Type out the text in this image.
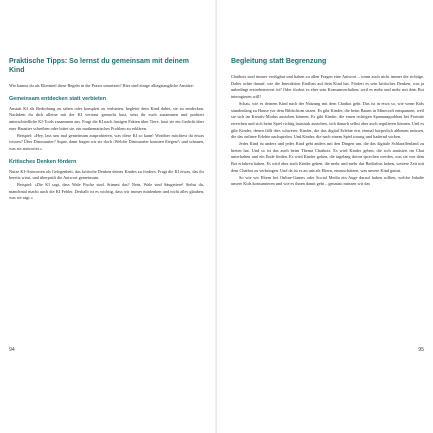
Praktische Tipps: So lernst du gemeinsam mit deinem Kind

Wie kannst du als Elternteil diese Regeln in die Praxis umsetzen? Hier sind einige alltagstaugliche Ansätze:

Gemeinsam entdecken statt verbieten

Anstatt KI als Bedrohung zu sehen oder komplett zu verbieten, begleite dein Kind dabei, sie zu entdecken. Nachdem du dich alleine mit der KI vertraut gemacht hast, setzt ihr euch zusammen und probiert unterschiedliche KI-Tools zusammen aus. Fragt die KI nach lustigen Fakten über Tiere, lasst sie ein Gedicht über euer Haustier schreiben oder bittet sie, ein mathematisches Problem zu erklären.

Beispiel: »Hey, lass uns mal gemeinsam ausprobieren, was diese KI so kann! Worüber möchtest du etwas wissen? Über Dinosaurier? Super, dann fragen wir sie doch ›Welche Dinosaurier konnten fliegen?‹ und schauen, was sie antwortet.«

Kritisches Denken fördern

Nutze KI-Antworten als Gelegenheit, das kritische Denken deines Kindes zu fördern. Fragt die KI etwas, das ihr bereits wisst, und überprüft die Antwort gemeinsam.

Beispiel: »Die KI sagt, dass Wale Fische sind. Stimmt das? Nein, Wale sind Säugetiere! Siehst du, manchmal macht auch die KI Fehler. Deshalb ist es wichtig, dass wir immer mitdenken und nicht alles glauben, was sie sagt.«

94
Begleitung statt Begrenzung

Chatbots sind immer verfügbar und haben zu allen Fragen eine Antwort – wenn auch nicht immer die richtige. Daher achte darauf, wie die Interaktion Einfluss auf dein Kind hat. Fördert es sein kritisches Denken, was ja unbedingt erstrebenswert ist? Oder fördert es eher sein Konsumverhalten, weil es mehr und mehr mit dem Bot interagieren will?

Schau, wie es deinem Kind nach der Nutzung mit dem Chatbot geht. Das ist in etwa so, wie wenn Kids stundenlang zu Hause vor dem Bildschirm sitzen. Es gibt Kinder, die beim Bauen in Minecraft entspannen, weil sie sich im Kreativ-Modus austoben können. Es gibt Kinder, die einen richtigen Spannungsabbau bei Fortnite erreichen und sich beim Spiel richtig lautstark austoben, sich danach selbst aber auch regulieren können. Und es gibt Kinder, denen fällt dies schwerer. Kinder, die das digital Erlebte erst einmal körperlich abbauen müssen, die das onlinee Erlebte nachspielen. Und Kinder, die nach einem Spiel traurig und hadernd wirken.

Jedes Kind ist anders und jedes Kind geht anders mit den Dingen um, die das digitale Schlaraffenland zu bieten hat. Und so ist das auch beim Thema Chatbots. Es wird Kinder geben, die sich amüsiert im Chat unterhalten und ein Ende finden. Es wird Kinder geben, die tagelang davon sprechen werden, was sie von dem Bot erfahren haben. Es wird aber auch Kinder geben, die mehr und mehr das Bedürfnis haben, weitere Zeit mit dem Chatbot zu verbringen. Und da ist es an uns als Eltern, einzuschätzen, was unsere Kind guttut.

So wie wir Eltern bei Online-Games oder Social Media ein Auge darauf haben sollten, welche Inhalte unsere Kids konsumieren und wie es ihnen damit geht – genauso müssen wir das

95
